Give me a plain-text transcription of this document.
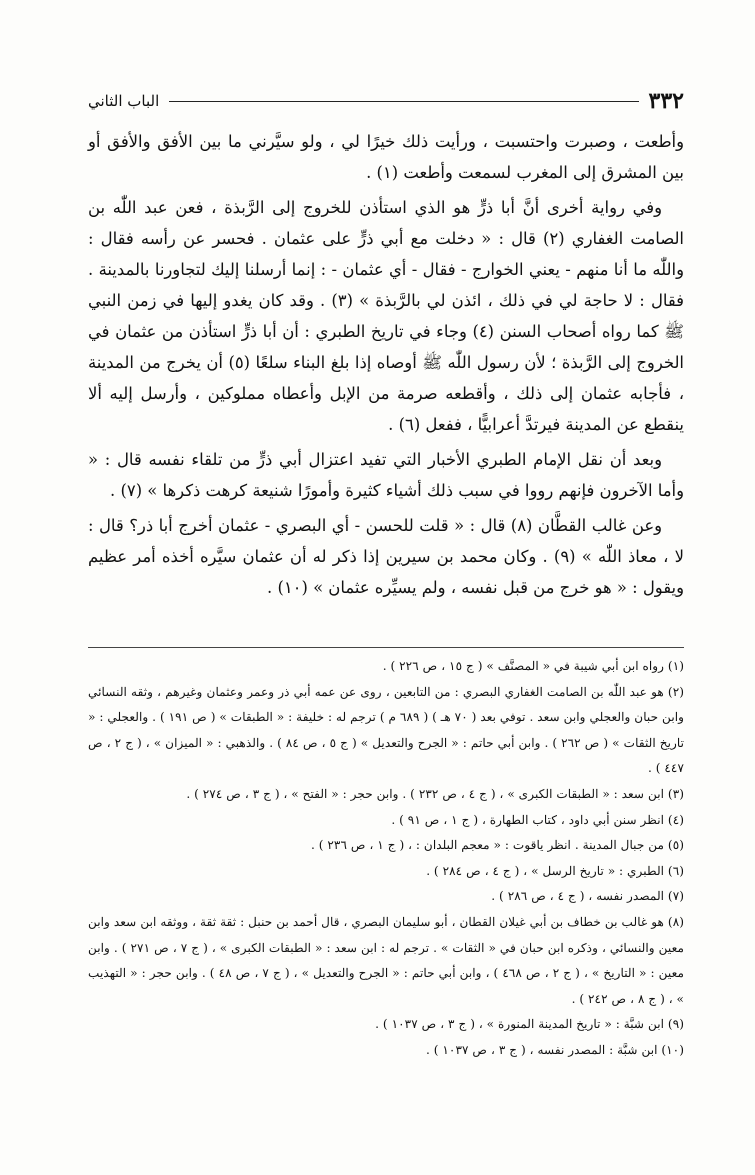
٣٣٢
الباب الثاني

وأطعت ، وصبرت واحتسبت ، ورأيت ذلك خيرًا لي ، ولو سيَّرني ما بين الأفق والأفق أو بين المشرق إلى المغرب لسمعت وأطعت (١) .

وفي رواية أخرى أنَّ أبا ذرٍّ هو الذي استأذن للخروج إلى الرَّبذة ، فعن عبد اللّٰه بن الصامت الغفاري (٢) قال : « دخلت مع أبي ذرٍّ على عثمان . فحسر عن رأسه فقال : واللّٰه ما أنا منهم - يعني الخوارج - فقال - أي عثمان - : إنما أرسلنا إليك لتجاورنا بالمدينة . فقال : لا حاجة لي في ذلك ، ائذن لي بالرَّبذة » (٣) . وقد كان يغدو إليها في زمن النبي ﷺ كما رواه أصحاب السنن (٤) وجاء في تاريخ الطبري : أن أبا ذرٍّ استأذن من عثمان في الخروج إلى الرَّبذة ؛ لأن رسول اللّٰه ﷺ أوصاه إذا بلغ البناء سلعًا (٥) أن يخرج من المدينة ، فأجابه عثمان إلى ذلك ، وأقطعه صرمة من الإبل وأعطاه مملوكين ، وأرسل إليه ألا ينقطع عن المدينة فيرتدَّ أعرابيًّا ، ففعل (٦) .

وبعد أن نقل الإمام الطبري الأخبار التي تفيد اعتزال أبي ذرٍّ من تلقاء نفسه قال : « وأما الآخرون فإنهم رووا في سبب ذلك أشياء كثيرة وأمورًا شنيعة كرهت ذكرها » (٧) .

وعن غالب القطَّان (٨) قال : « قلت للحسن - أي البصري - عثمان أخرج أبا ذر؟ قال : لا ، معاذ اللّٰه » (٩) . وكان محمد بن سيرين إذا ذكر له أن عثمان سيَّره أخذه أمر عظيم ويقول : « هو خرج من قبل نفسه ، ولم يسيِّره عثمان » (١٠) .

(١) رواه ابن أبي شيبة في « المصنَّف » ( ج ١٥ ، ص ٢٢٦ ) .

(٢) هو عبد اللّٰه بن الصامت الغفاري البصري : من التابعين ، روى عن عمه أبي ذر وعمر وعثمان وغيرهم ، وثقه النسائي وابن حبان والعجلي وابن سعد . توفي بعد ( ٧٠ هـ ) ( ٦٨٩ م ) ترجم له : خليفة : « الطبقات » ( ص ١٩١ ) . والعجلي : « تاريخ الثقات » ( ص ٢٦٢ ) . وابن أبي حاتم : « الجرح والتعديل » ( ج ٥ ، ص ٨٤ ) . والذهبي : « الميزان » ، ( ج ٢ ، ص ٤٤٧ ) .

(٣) ابن سعد : « الطبقات الكبرى » ، ( ج ٤ ، ص ٢٣٢ ) . وابن حجر : « الفتح » ، ( ج ٣ ، ص ٢٧٤ ) .

(٤) انظر سنن أبي داود ، كتاب الطهارة ، ( ج ١ ، ص ٩١ ) .

(٥) من جبال المدينة . انظر ياقوت : « معجم البلدان : ، ( ج ١ ، ص ٢٣٦ ) .

(٦) الطبري : « تاريخ الرسل » ، ( ج ٤ ، ص ٢٨٤ ) .

(٧) المصدر نفسه ، ( ج ٤ ، ص ٢٨٦ ) .

(٨) هو غالب بن خطاف بن أبي غيلان القطان ، أبو سليمان البصري ، قال أحمد بن حنبل : ثقة ثقة ، ووثقه ابن سعد وابن معين والنسائي ، وذكره ابن حبان في « الثقات » . ترجم له : ابن سعد : « الطبقات الكبرى » ، ( ج ٧ ، ص ٢٧١ ) . وابن معين : « التاريخ » ، ( ج ٢ ، ص ٤٦٨ ) ، وابن أبي حاتم : « الجرح والتعديل » ، ( ج ٧ ، ص ٤٨ ) . وابن حجر : « التهذيب » ، ( ج ٨ ، ص ٢٤٢ ) .

(٩) ابن شبَّة : « تاريخ المدينة المنورة » ، ( ج ٣ ، ص ١٠٣٧ ) .

(١٠) ابن شبَّة : المصدر نفسه ، ( ج ٣ ، ص ١٠٣٧ ) .
